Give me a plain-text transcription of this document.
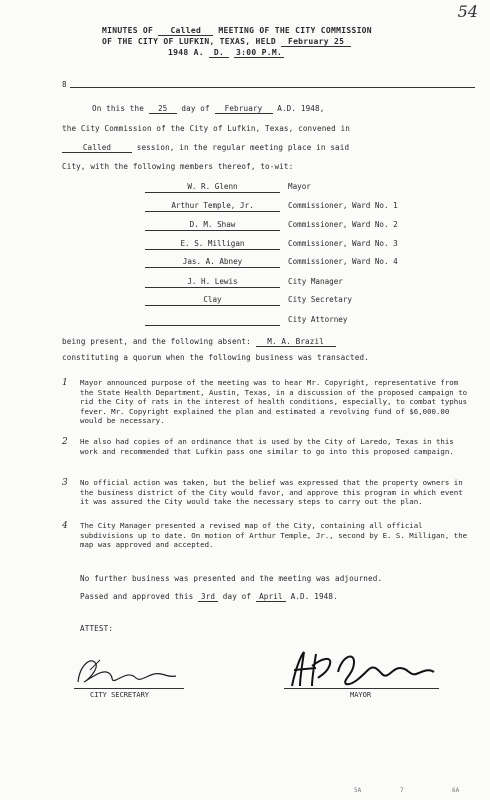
54
MINUTES OF Called MEETING OF THE CITY COMMISSION
OF THE CITY OF LUFKIN, TEXAS, HELD February 25
1948 A. D. 3:00 P.M.
8
On this the 25 day of February A.D. 1948,
the City Commission of the City of Lufkin, Texas, convened in
Called	session, in the regular meeting place in said
City, with the following members thereof, to-wit:
W. R. Glenn	Mayor
Arthur Temple, Jr.	Commissioner, Ward No. 1
D. M. Shaw	Commissioner, Ward No. 2
E. S. Milligan	Commissioner, Ward No. 3
Jas. A. Abney	Commissioner, Ward No. 4
J. H. Lewis	City Manager
Clay	City Secretary
City Attorney
being present, and the following absent: M. A. Brazil
constituting a quorum when the following business was transacted.
1 Mayor announced purpose of the meeting was to hear Mr. Copyright, representative from the State Health Department, Austin, Texas, in a discussion of the proposed campaign to rid the City of rats in the interest of health conditions, especially, to combat typhus fever. Mr. Copyright explained the plan and estimated a revolving fund of $6,000.00 would be necessary.
2 He also had copies of an ordinance that is used by the City of Laredo, Texas in this work and recommended that Lufkin pass one similar to go into this proposed campaign.
3 No official action was taken, but the belief was expressed that the property owners in the business district of the City would favor, and approve this program in which event it was assured the City would take the necessary steps to carry out the plan.
4 The City Manager presented a revised map of the City, containing all official subdivisions up to date. On motion of Arthur Temple, Jr., second by E. S. Milligan, the map was approved and accepted.
No further business was presented and the meeting was adjourned.
Passed and approved this 3rd day of April A.D. 1948.
ATTEST:
CITY SECRETARY	MAYOR
5A	7	6A
